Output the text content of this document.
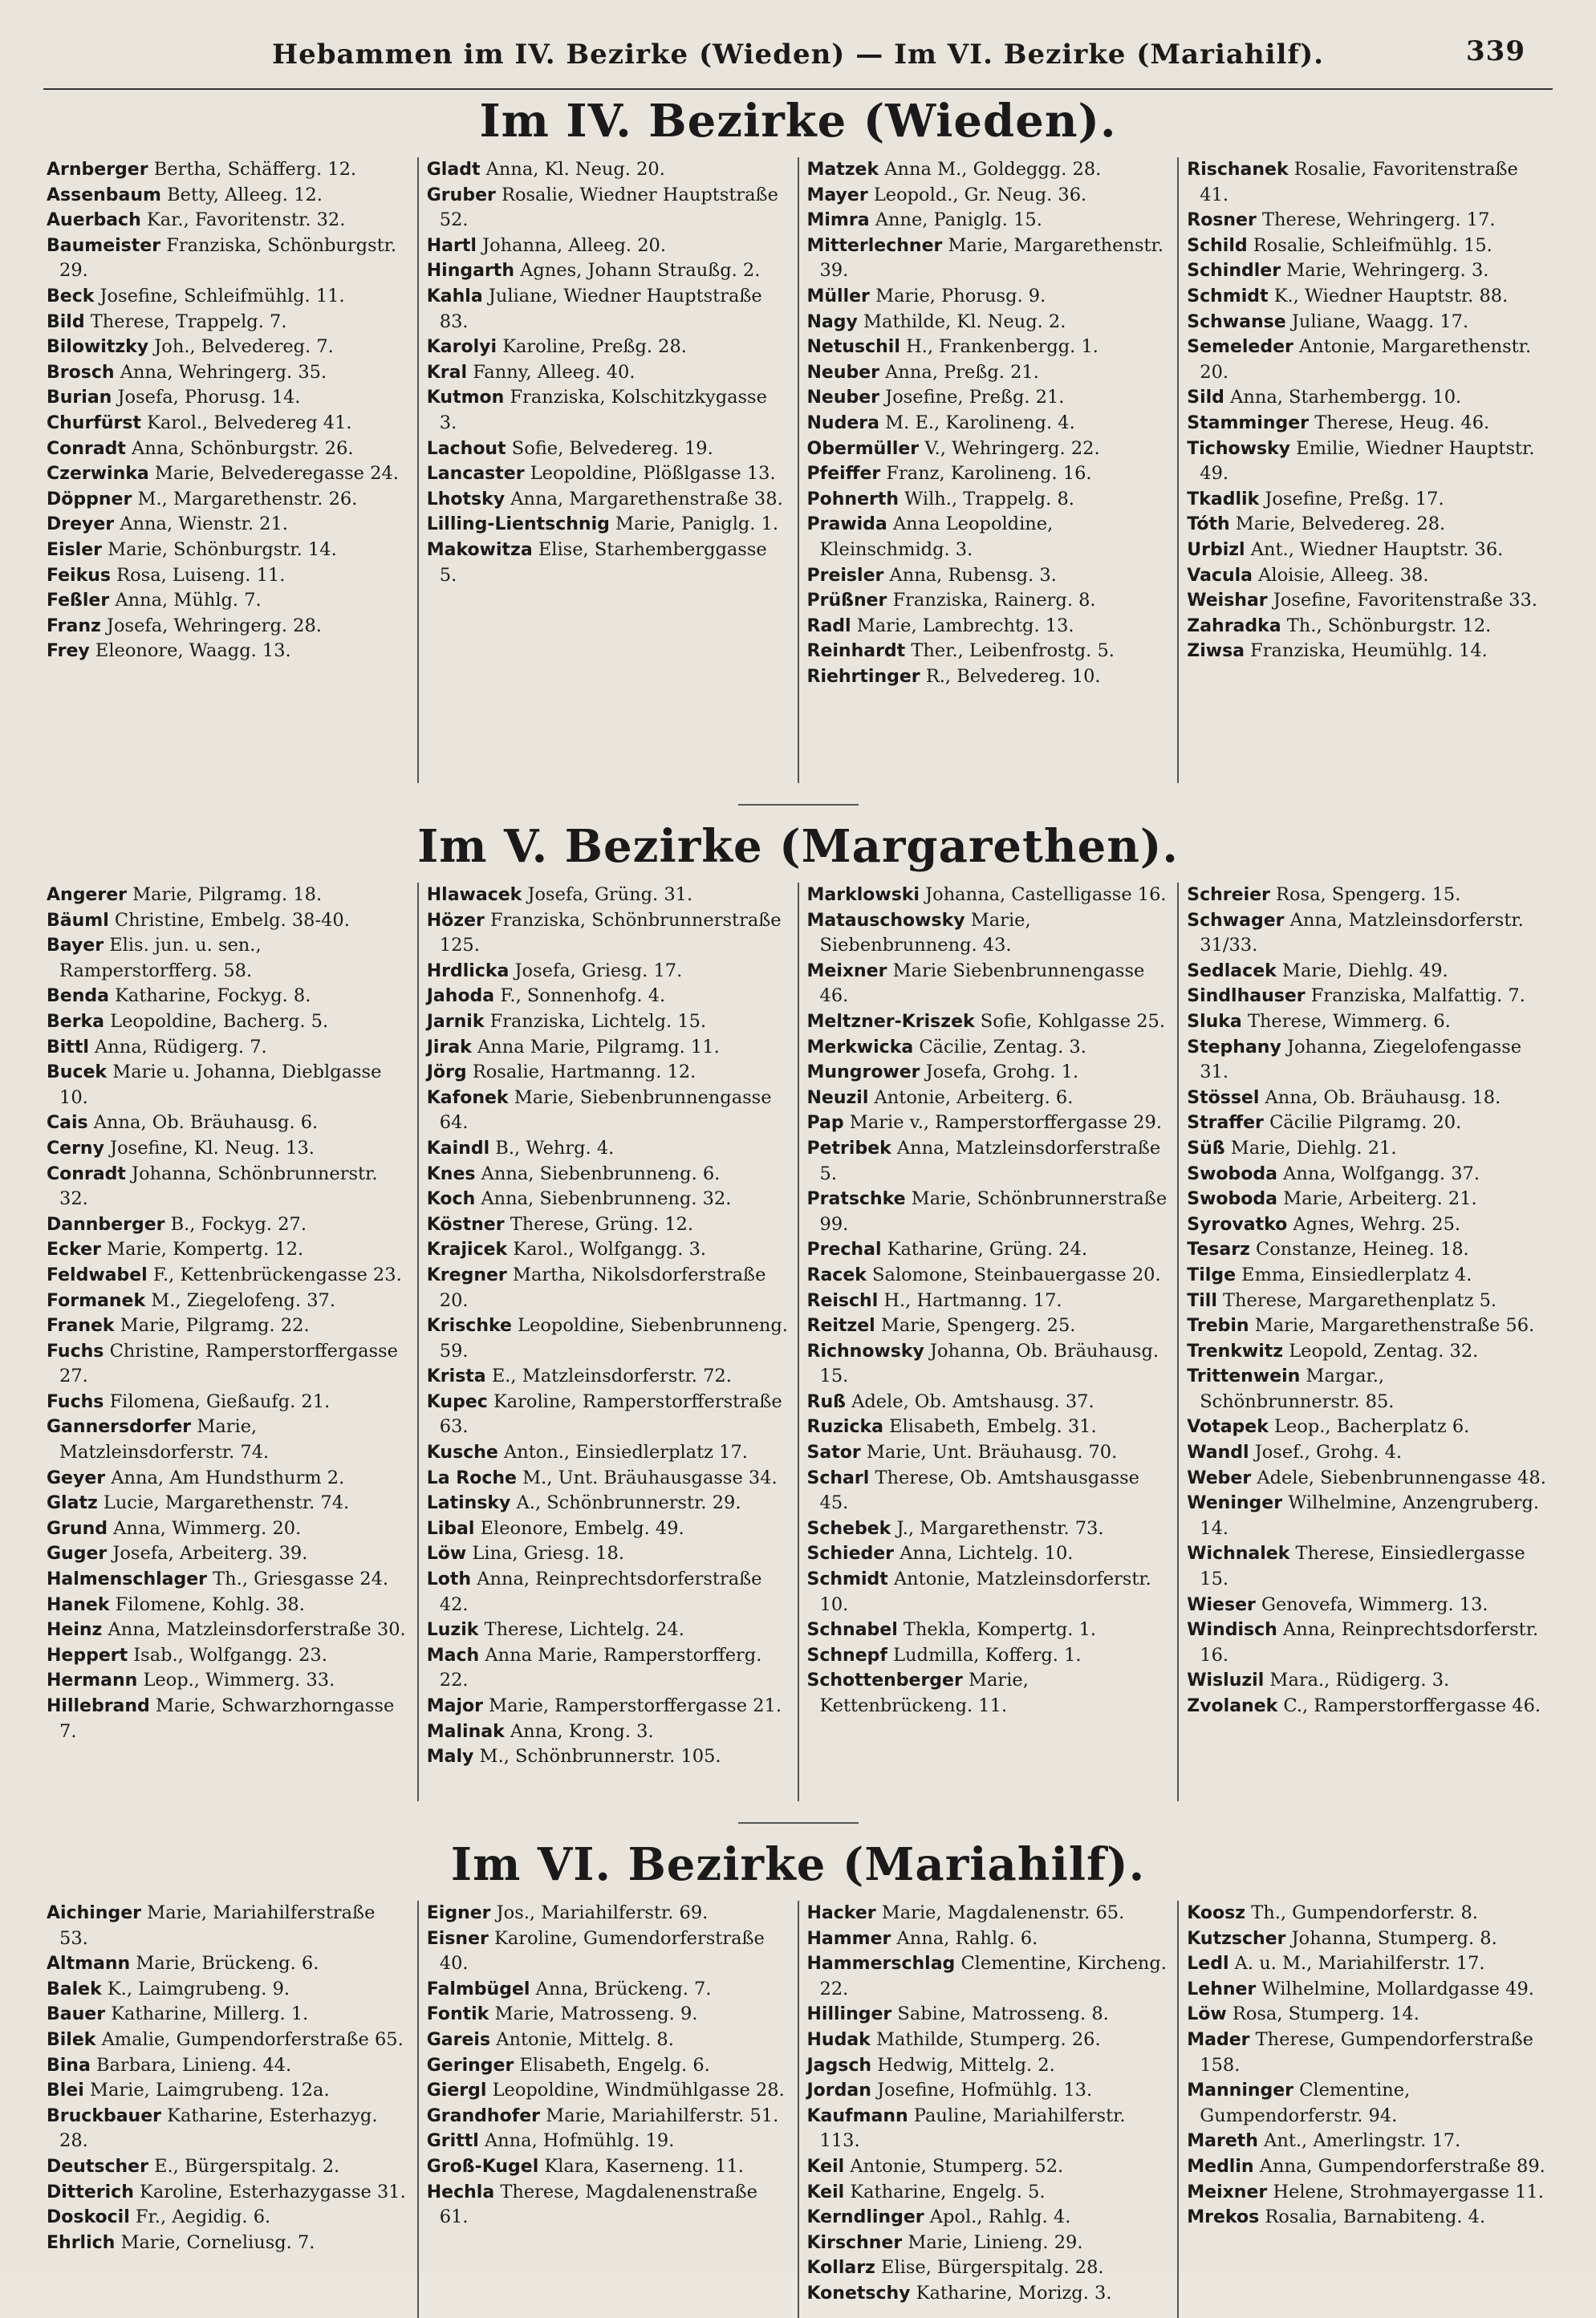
Hebammen im IV. Bezirke (Wieden) — Im VI. Bezirke (Mariahilf).	339
Im IV. Bezirke (Wieden).
Arnberger Bertha, Schäfferg. 12.
Assenbaum Betty, Alleeg. 12.
Auerbach Kar., Favoritenstr. 32.
Baumeister Franziska, Schönburgstr. 29.
Beck Josefine, Schleifmühlg. 11.
Bild Therese, Trappelg. 7.
Bilowitzky Joh., Belvedereg. 7.
Brosch Anna, Wehringerg. 35.
Burian Josefa, Phorusg. 14.
Churfürst Karol., Belvedereg 41.
Conradt Anna, Schönburgstr. 26.
Czerwinka Marie, Belvederegasse 24.
Döppner M., Margarethenstr. 26.
Dreyer Anna, Wienstr. 21.
Eisler Marie, Schönburgstr. 14.
Feikus Rosa, Luiseng. 11.
Feßler Anna, Mühlg. 7.
Franz Josefa, Wehringerg. 28.
Frey Eleonore, Waagg. 13.
Gladt Anna, Kl. Neug. 20.
Gruber Rosalie, Wiedner Hauptstraße 52.
Hartl Johanna, Alleeg. 20.
Hingarth Agnes, Johann Straußg. 2.
Kahla Juliane, Wiedner Hauptstraße 83.
Karolyi Karoline, Preßg. 28.
Kral Fanny, Alleeg. 40.
Kutmon Franziska, Kolschitzkygasse 3.
Lachout Sofie, Belvedereg. 19.
Lancaster Leopoldine, Plößlgasse 13.
Lhotsky Anna, Margarethenstraße 38.
Lilling-Lientschnig Marie, Paniglg. 1.
Makowitza Elise, Starhemberggasse 5.
Matzek Anna M., Goldeggg. 28.
Mayer Leopold., Gr. Neug. 36.
Mimra Anne, Paniglg. 15.
Mitterlechner Marie, Margarethenstr. 39.
Müller Marie, Phorusg. 9.
Nagy Mathilde, Kl. Neug. 2.
Netuschil H., Frankenbergg. 1.
Neuber Anna, Preßg. 21.
Neuber Josefine, Preßg. 21.
Nudera M. E., Karolineng. 4.
Obermüller V., Wehringerg. 22.
Pfeiffer Franz, Karolineng. 16.
Pohnerth Wilh., Trappelg. 8.
Prawida Anna Leopoldine, Kleinschmidg. 3.
Preisler Anna, Rubensg. 3.
Prüßner Franziska, Rainerg. 8.
Radl Marie, Lambrechtg. 13.
Reinhardt Ther., Leibenfrostg. 5.
Riehrtinger R., Belvedereg. 10.
Rischanek Rosalie, Favoritenstraße 41.
Rosner Therese, Wehringerg. 17.
Schild Rosalie, Schleifmühlg. 15.
Schindler Marie, Wehringerg. 3.
Schmidt K., Wiedner Hauptstr. 88.
Schwanse Juliane, Waagg. 17.
Semeleder Antonie, Margarethenstr. 20.
Sild Anna, Starhembergg. 10.
Stamminger Therese, Heug. 46.
Tichowsky Emilie, Wiedner Hauptstr. 49.
Tkadlik Josefine, Preßg. 17.
Tóth Marie, Belvedereg. 28.
Urbizl Ant., Wiedner Hauptstr. 36.
Vacula Aloisie, Alleeg. 38.
Weishar Josefine, Favoritenstraße 33.
Zahradka Th., Schönburgstr. 12.
Ziwsa Franziska, Heumühlg. 14.
Im V. Bezirke (Margarethen).
Angerer Marie, Pilgramg. 18.
Bäuml Christine, Embelg. 38-40.
Bayer Elis. jun. u. sen., Ramperstorfferg. 58.
Benda Katharine, Fockyg. 8.
Berka Leopoldine, Bacherg. 5.
Bittl Anna, Rüdigerg. 7.
Bucek Marie u. Johanna, Dieblgasse 10.
Cais Anna, Ob. Bräuhausg. 6.
Cerny Josefine, Kl. Neug. 13.
Conradt Johanna, Schönbrunnerstr. 32.
Dannberger B., Fockyg. 27.
Ecker Marie, Kompertg. 12.
Feldwabel F., Kettenbrückengasse 23.
Formanek M., Ziegelofeng. 37.
Franek Marie, Pilgramg. 22.
Fuchs Christine, Ramperstorffergasse 27.
Fuchs Filomena, Gießaufg. 21.
Gannersdorfer Marie, Matzleinsdorferstr. 74.
Geyer Anna, Am Hundsthurm 2.
Glatz Lucie, Margarethenstr. 74.
Grund Anna, Wimmerg. 20.
Guger Josefa, Arbeiterg. 39.
Halmenschlager Th., Griesgasse 24.
Hanek Filomene, Kohlg. 38.
Heinz Anna, Matzleinsdorferstraße 30.
Heppert Isab., Wolfgangg. 23.
Hermann Leop., Wimmerg. 33.
Hillebrand Marie, Schwarzhorngasse 7.
Hlawacek Josefa, Grüng. 31.
Hözer Franziska, Schönbrunnerstraße 125.
Hrdlicka Josefa, Griesg. 17.
Jahoda F., Sonnenhofg. 4.
Jarnik Franziska, Lichtelg. 15.
Jirak Anna Marie, Pilgramg. 11.
Jörg Rosalie, Hartmanng. 12.
Kafonek Marie, Siebenbrunnengasse 64.
Kaindl B., Wehrg. 4.
Knes Anna, Siebenbrunneng. 6.
Koch Anna, Siebenbrunneng. 32.
Köstner Therese, Grüng. 12.
Krajicek Karol., Wolfgangg. 3.
Kregner Martha, Nikolsdorferstraße 20.
Krischke Leopoldine, Siebenbrunneng. 59.
Krista E., Matzleinsdorferstr. 72.
Kupec Karoline, Ramperstorfferstraße 63.
Kusche Anton., Einsiedlerplatz 17.
La Roche M., Unt. Bräuhausgasse 34.
Latinsky A., Schönbrunnerstr. 29.
Libal Eleonore, Embelg. 49.
Löw Lina, Griesg. 18.
Loth Anna, Reinprechtsdorferstraße 42.
Luzik Therese, Lichtelg. 24.
Mach Anna Marie, Ramperstorfferg. 22.
Major Marie, Ramperstorffergasse 21.
Malinak Anna, Krong. 3.
Maly M., Schönbrunnerstr. 105.
Marklowski Johanna, Castelligasse 16.
Matauschowsky Marie, Siebenbrunneng. 43.
Meixner Marie Siebenbrunnengasse 46.
Meltzner-Kriszek Sofie, Kohlgasse 25.
Merkwicka Cäcilie, Zentag. 3.
Mungrower Josefa, Grohg. 1.
Neuzil Antonie, Arbeiterg. 6.
Pap Marie v., Ramperstorffergasse 29.
Petribek Anna, Matzleinsdorferstraße 5.
Pratschke Marie, Schönbrunnerstraße 99.
Prechal Katharine, Grüng. 24.
Racek Salomone, Steinbauergasse 20.
Reischl H., Hartmanng. 17.
Reitzel Marie, Spengerg. 25.
Richnowsky Johanna, Ob. Bräuhausg. 15.
Ruß Adele, Ob. Amtshausg. 37.
Ruzicka Elisabeth, Embelg. 31.
Sator Marie, Unt. Bräuhausg. 70.
Scharl Therese, Ob. Amtshausgasse 45.
Schebek J., Margarethenstr. 73.
Schieder Anna, Lichtelg. 10.
Schmidt Antonie, Matzleinsdorferstr. 10.
Schnabel Thekla, Kompertg. 1.
Schnepf Ludmilla, Kofferg. 1.
Schottenberger Marie, Kettenbrückeng. 11.
Schreier Rosa, Spengerg. 15.
Schwager Anna, Matzleinsdorferstr. 31/33.
Sedlacek Marie, Diehlg. 49.
Sindlhauser Franziska, Malfattig. 7.
Sluka Therese, Wimmerg. 6.
Stephany Johanna, Ziegelofengasse 31.
Stössel Anna, Ob. Bräuhausg. 18.
Straffer Cäcilie Pilgramg. 20.
Süß Marie, Diehlg. 21.
Swoboda Anna, Wolfgangg. 37.
Swoboda Marie, Arbeiterg. 21.
Syrovatko Agnes, Wehrg. 25.
Tesarz Constanze, Heineg. 18.
Tilge Emma, Einsiedlerplatz 4.
Till Therese, Margarethenplatz 5.
Trebin Marie, Margarethenstraße 56.
Trenkwitz Leopold, Zentag. 32.
Trittenwein Margar., Schönbrunnerstr. 85.
Votapek Leop., Bacherplatz 6.
Wandl Josef., Grohg. 4.
Weber Adele, Siebenbrunnengasse 48.
Weninger Wilhelmine, Anzengruberg. 14.
Wichnalek Therese, Einsiedlergasse 15.
Wieser Genovefa, Wimmerg. 13.
Windisch Anna, Reinprechtsdorferstr. 16.
Wisluzil Mara., Rüdigerg. 3.
Zvolanek C., Ramperstorffergasse 46.
Im VI. Bezirke (Mariahilf).
Aichinger Marie, Mariahilferstraße 53.
Altmann Marie, Brückeng. 6.
Balek K., Laimgrubeng. 9.
Bauer Katharine, Millerg. 1.
Bilek Amalie, Gumpendorferstraße 65.
Bina Barbara, Linieng. 44.
Blei Marie, Laimgrubeng. 12a.
Bruckbauer Katharine, Esterhazyg. 28.
Deutscher E., Bürgerspitalg. 2.
Ditterich Karoline, Esterhazygasse 31.
Doskocil Fr., Aegidig. 6.
Ehrlich Marie, Corneliusg. 7.
Eigner Jos., Mariahilferstr. 69.
Eisner Karoline, Gumendorferstraße 40.
Falmbügel Anna, Brückeng. 7.
Fontik Marie, Matrosseng. 9.
Gareis Antonie, Mittelg. 8.
Geringer Elisabeth, Engelg. 6.
Giergl Leopoldine, Windmühlgasse 28.
Grandhofer Marie, Mariahilferstr. 51.
Grittl Anna, Hofmühlg. 19.
Groß-Kugel Klara, Kaserneng. 11.
Hechla Therese, Magdalenenstraße 61.
Hacker Marie, Magdalenenstr. 65.
Hammer Anna, Rahlg. 6.
Hammerschlag Clementine, Kircheng. 22.
Hillinger Sabine, Matrosseng. 8.
Hudak Mathilde, Stumperg. 26.
Jagsch Hedwig, Mittelg. 2.
Jordan Josefine, Hofmühlg. 13.
Kaufmann Pauline, Mariahilferstr. 113.
Keil Antonie, Stumperg. 52.
Keil Katharine, Engelg. 5.
Kerndlinger Apol., Rahlg. 4.
Kirschner Marie, Linieng. 29.
Kollarz Elise, Bürgerspitalg. 28.
Konetschy Katharine, Morizg. 3.
Koosz Th., Gumpendorferstr. 8.
Kutzscher Johanna, Stumperg. 8.
Ledl A. u. M., Mariahilferstr. 17.
Lehner Wilhelmine, Mollardgasse 49.
Löw Rosa, Stumperg. 14.
Mader Therese, Gumpendorferstraße 158.
Manninger Clementine, Gumpendorferstr. 94.
Mareth Ant., Amerlingstr. 17.
Medlin Anna, Gumpendorferstraße 89.
Meixner Helene, Strohmayergasse 11.
Mrekos Rosalia, Barnabiteng. 4.
